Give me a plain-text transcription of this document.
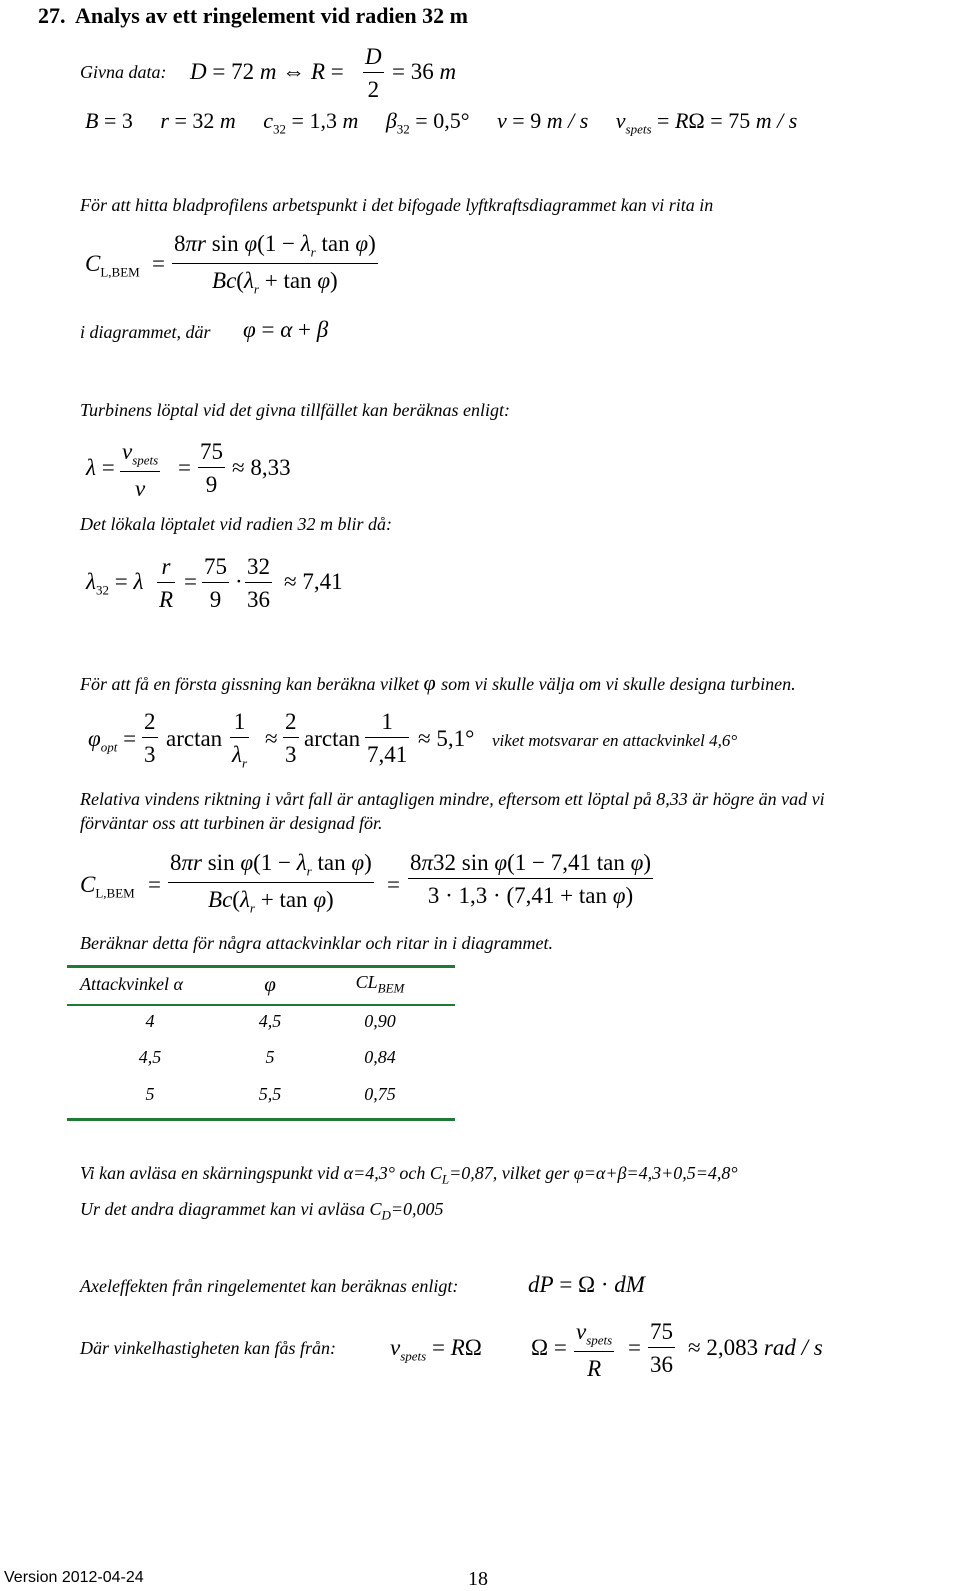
27. Analys av ett ringelement vid radien 32 m
Givna data: D = 72 m ⇔ R =
D
2
= 36 m
B = 3 r = 32 m $c_{32} = 1,3$ m $\beta_{32} = 0,5^\circ$ v = 9 m / s $v_{spets} = R\Omega = 75$ m / s
För att hitta bladprofilens arbetspunkt i det bifogade lyftkraftsdiagrammet kan vi rita in
$C_{L,BEM}$ =
8πr $\sin \varphi(1 - \lambda_r$ tan φ)
$Bc(\lambda_r + \tan \varphi)$
i diagrammet, där φ = α + β
Turbinens löptal vid det givna tillfället kan beräknas enligt:
λ =
$v_{spets}$
v
=
75
9
≈ 8,33
Det lökala löptalet vid radien 32 m blir då:
$\lambda_{32} = \lambda$
r
R
=
75
9
·
32
36
≈ 7,41
För att få en första gissning kan beräkna vilket φ som vi skulle välja om vi skulle designa turbinen.
$\varphi_{opt}$ =
2
3
arctan
1
$\lambda_r$
≈
2
3
arctan
1
7,41
≈ 5,1° viket motsvarar en attackvinkel 4,6°
Relativa vindens riktning i vårt fall är antagligen mindre, eftersom ett löptal på 8,33 är högre än vad vi
förväntar oss att turbinen är designad för.
$C_{L,BEM}$ =
8πr $\sin \varphi(1 - \lambda_r$ tan φ)
$Bc(\lambda_r + \tan \varphi)$
=
8π32 sin φ(1 − 7,41 tan φ)
3 · 1,3 · (7,41 + tan φ)
Beräknar detta för några attackvinklar och ritar in i diagrammet.
Attackvinkel α	φ	$CL_{BEM}$
4	4,5	0,90
4,5	5	0,84
5	5,5	0,75
Vi kan avläsa en skärningspunkt vid α=4,3° och $C_L=0,87$, vilket ger φ=α+β=4,3+0,5=4,8°
Ur det andra diagrammet kan vi avläsa $C_D=0,005$
Axeleffekten från ringelementet kan beräknas enligt:	dP = Ω · dM
Där vinkelhastigheten kan fås från: $v_{spets} = R\Omega$ Ω =
$v_{spets}$
R
=
75
36
≈ 2,083 rad / s
Version 2012-04-24	18
